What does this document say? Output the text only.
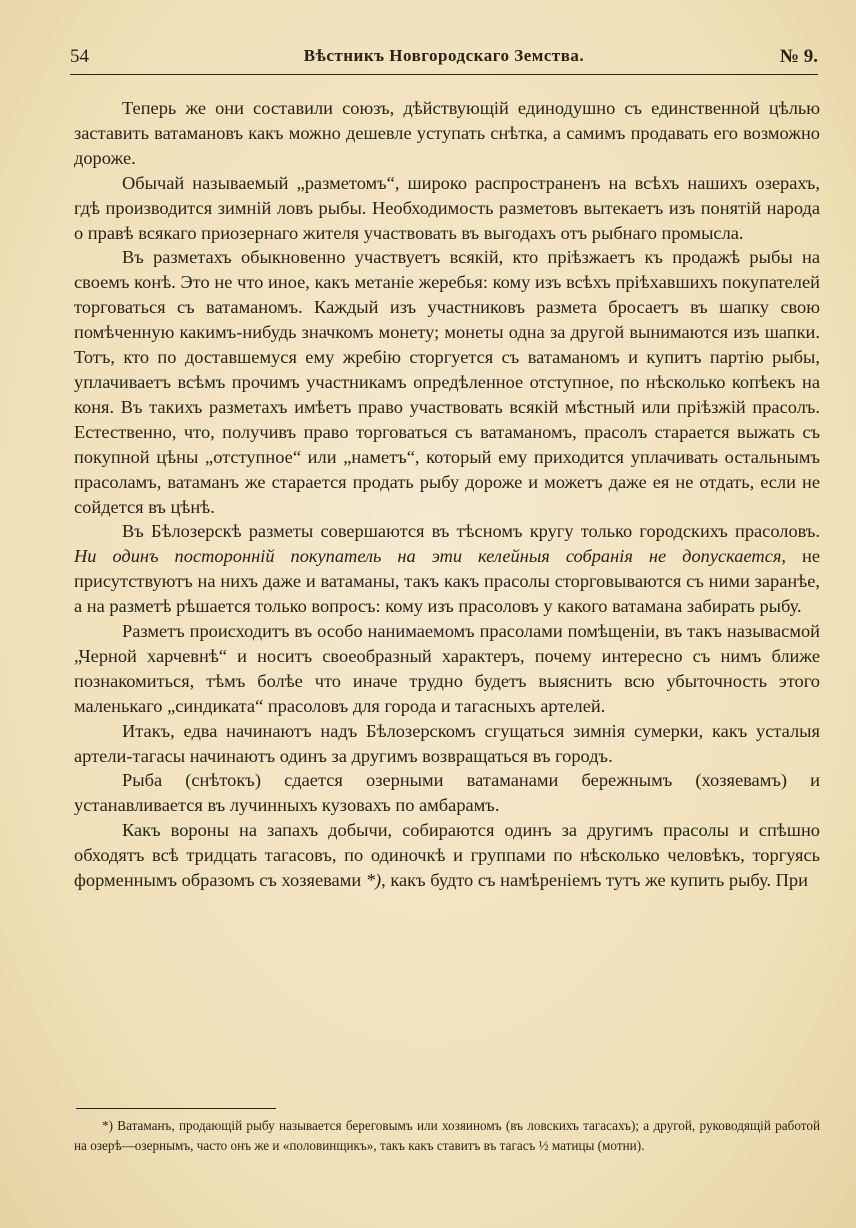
54	Вѣстникъ Новгородскаго Земства.	№ 9.

Теперь же они составили союзъ, дѣйствующій единодушно съ единственной цѣлью заставить ватамановъ какъ можно дешевле уступать снѣтка, а самимъ продавать его возможно дороже.

Обычай называемый „разметомъ“, широко распространенъ на всѣхъ нашихъ озерахъ, гдѣ производится зимній ловъ рыбы. Необходимость разметовъ вытекаетъ изъ понятій народа о правѣ всякаго приозернаго жителя участвовать въ выгодахъ отъ рыбнаго промысла.

Въ разметахъ обыкновенно участвуетъ всякій, кто пріѣзжаетъ къ продажѣ рыбы на своемъ конѣ. Это не что иное, какъ метаніе жеребья: кому изъ всѣхъ пріѣхавшихъ покупателей торговаться съ ватаманомъ. Каждый изъ участниковъ размета бросаетъ въ шапку свою помѣченную какимъ-нибудь значкомъ монету; монеты одна за другой вынимаются изъ шапки. Тотъ, кто по доставшемуся ему жребію сторгуется съ ватаманомъ и купитъ партію рыбы, уплачиваетъ всѣмъ прочимъ участникамъ опредѣленное отступное, по нѣсколько копѣекъ на коня. Въ такихъ разметахъ имѣетъ право участвовать всякій мѣстный или пріѣзжій прасолъ. Естественно, что, получивъ право торговаться съ ватаманомъ, прасолъ старается выжать съ покупной цѣны „отступное“ или „наметъ“, который ему приходится уплачивать остальнымъ прасоламъ, ватаманъ же старается продать рыбу дороже и можетъ даже ея не отдать, если не сойдется въ цѣнѣ.

Въ Бѣлозерскѣ разметы совершаются въ тѣсномъ кругу только городскихъ прасоловъ. Ни одинъ посторонній покупатель на эти келейныя собранія не допускается, не присутствуютъ на нихъ даже и ватаманы, такъ какъ прасолы сторговываются съ ними заранѣе, а на разметѣ рѣшается только вопросъ: кому изъ прасоловъ у какого ватамана забирать рыбу.

Разметъ происходитъ въ особо нанимаемомъ прасолами помѣщеніи, въ такъ называсмой „Черной харчевнѣ“ и носитъ своеобразный характеръ, почему интересно съ нимъ ближе познакомиться, тѣмъ болѣе что иначе трудно будетъ выяснить всю убыточность этого маленькаго „синдиката“ прасоловъ для города и тагасныхъ артелей.

Итакъ, едва начинаютъ надъ Бѣлозерскомъ сгущаться зимнія сумерки, какъ усталыя артели-тагасы начинаютъ одинъ за другимъ возвращаться въ городъ.

Рыба (снѣтокъ) сдается озерными ватаманами бережнымъ (хозяевамъ) и устанавливается въ лучинныхъ кузовахъ по амбарамъ.

Какъ вороны на запахъ добычи, собираются одинъ за другимъ прасолы и спѣшно обходятъ всѣ тридцать тагасовъ, по одиночкѣ и группами по нѣсколько человѣкъ, торгуясь форменнымъ образомъ съ хозяевами *), какъ будто съ намѣреніемъ тутъ же купить рыбу. При

*) Ватаманъ, продающій рыбу называется береговымъ или хозяиномъ (въ ловскихъ тагасахъ); а другой, руководящій работой на озерѣ—озернымъ, часто онъ же и «половинщикъ», такъ какъ ставитъ въ тагасъ ½ матицы (мотни).
